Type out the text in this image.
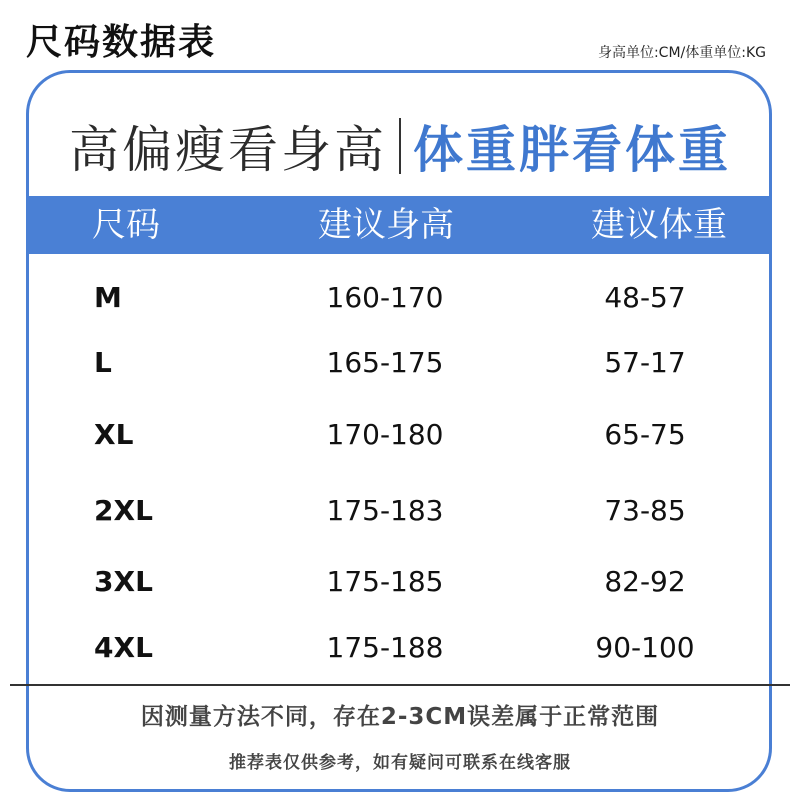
尺码数据表	身高单位:CM/体重单位:KG
高偏瘦看身高 体重胖看体重
尺码	建议身高	建议体重
M	160-170	48-57
L	165-175	57-17
XL	170-180	65-75
2XL	175-183	73-85
3XL	175-185	82-92
4XL	175-188	90-100
因测量方法不同，存在2-3CM误差属于正常范围
推荐表仅供参考，如有疑问可联系在线客服
